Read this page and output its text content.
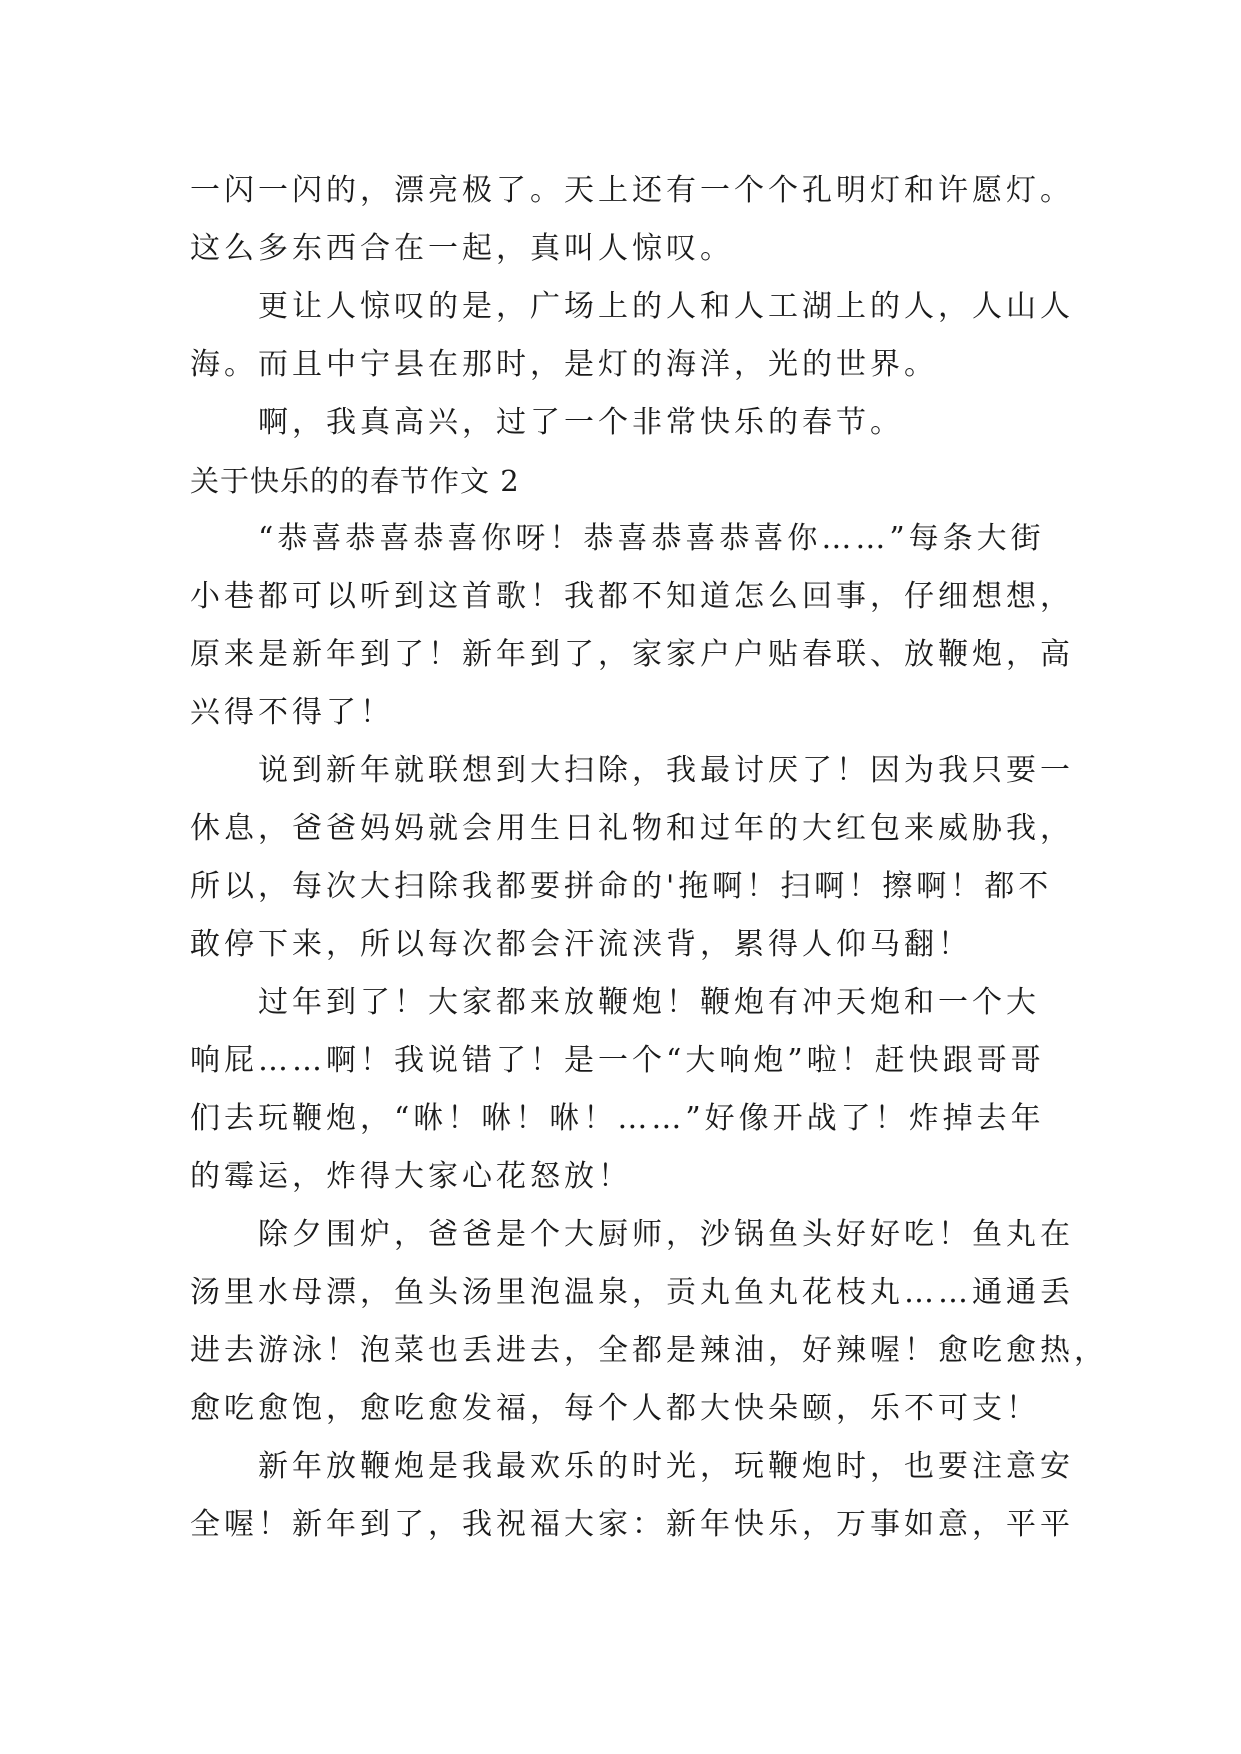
一闪一闪的，漂亮极了。天上还有一个个孔明灯和许愿灯。
这么多东西合在一起，真叫人惊叹。
　　更让人惊叹的是，广场上的人和人工湖上的人，人山人
海。而且中宁县在那时，是灯的海洋，光的世界。
　　啊，我真高兴，过了一个非常快乐的春节。
关于快乐的的春节作文 2
　　“恭喜恭喜恭喜你呀！恭喜恭喜恭喜你……”每条大街
小巷都可以听到这首歌！我都不知道怎么回事，仔细想想，
原来是新年到了！新年到了，家家户户贴春联、放鞭炮，高
兴得不得了！
　　说到新年就联想到大扫除，我最讨厌了！因为我只要一
休息，爸爸妈妈就会用生日礼物和过年的大红包来威胁我，
所以，每次大扫除我都要拼命的'拖啊！扫啊！擦啊！都不
敢停下来，所以每次都会汗流浃背，累得人仰马翻！
　　过年到了！大家都来放鞭炮！鞭炮有冲天炮和一个大
响屁……啊！我说错了！是一个“大响炮”啦！赶快跟哥哥
们去玩鞭炮，“咻！咻！咻！……”好像开战了！炸掉去年
的霉运，炸得大家心花怒放！
　　除夕围炉，爸爸是个大厨师，沙锅鱼头好好吃！鱼丸在
汤里水母漂，鱼头汤里泡温泉，贡丸鱼丸花枝丸……通通丢
进去游泳！泡菜也丢进去，全都是辣油，好辣喔！愈吃愈热，
愈吃愈饱，愈吃愈发福，每个人都大快朵颐，乐不可支！
　　新年放鞭炮是我最欢乐的时光，玩鞭炮时，也要注意安
全喔！新年到了，我祝福大家：新年快乐，万事如意，平平
